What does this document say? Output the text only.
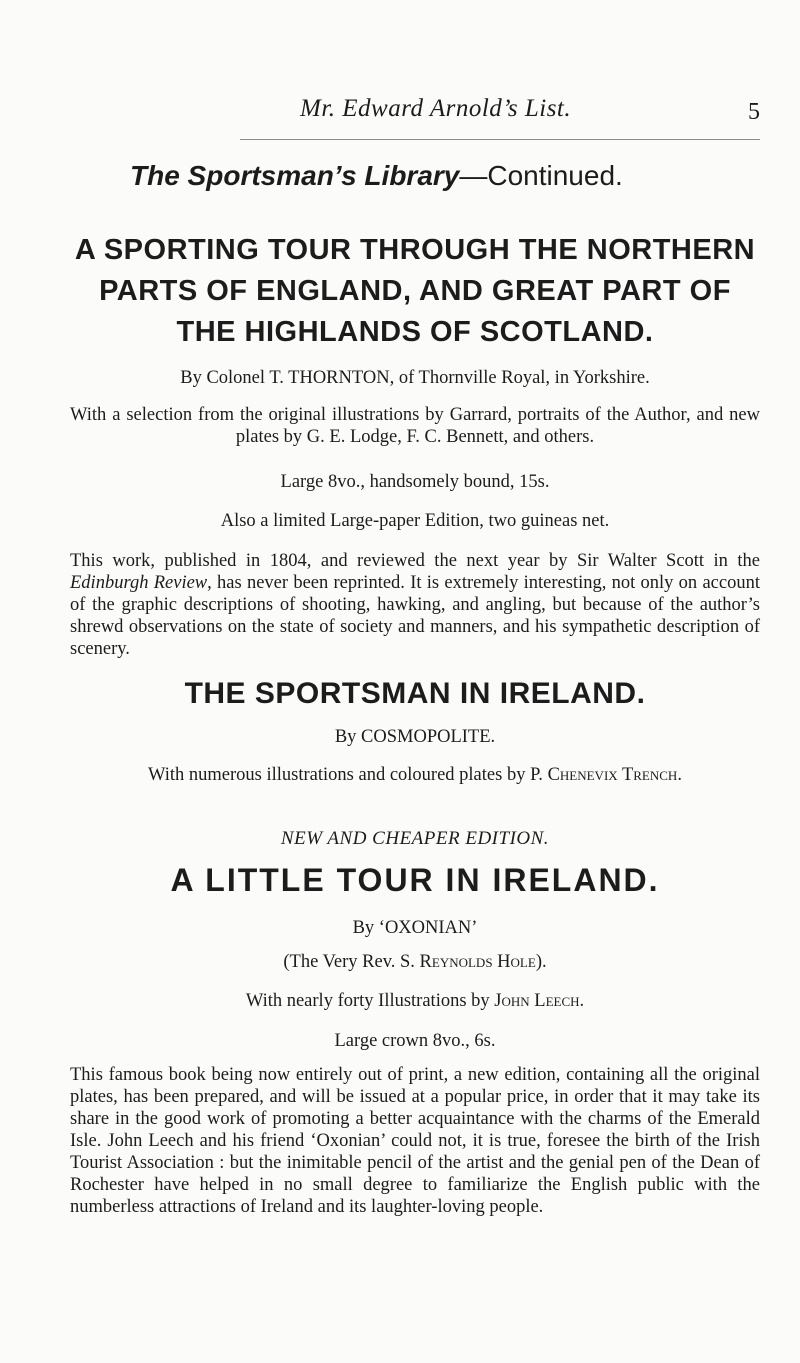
Mr. Edward Arnold’s List.	5
The Sportsman’s Library—Continued.
A SPORTING TOUR THROUGH THE NORTHERN PARTS OF ENGLAND, AND GREAT PART OF THE HIGHLANDS OF SCOTLAND.
By Colonel T. THORNTON, of Thornville Royal, in Yorkshire.
With a selection from the original illustrations by Garrard, portraits of the Author, and new plates by G. E. Lodge, F. C. Bennett, and others.
Large 8vo., handsomely bound, 15s.
Also a limited Large-paper Edition, two guineas net.
This work, published in 1804, and reviewed the next year by Sir Walter Scott in the Edinburgh Review, has never been reprinted. It is extremely interesting, not only on account of the graphic descriptions of shooting, hawking, and angling, but because of the author’s shrewd observations on the state of society and manners, and his sympathetic description of scenery.
THE SPORTSMAN IN IRELAND.
By COSMOPOLITE.
With numerous illustrations and coloured plates by P. Chenevix Trench.
NEW AND CHEAPER EDITION.
A LITTLE TOUR IN IRELAND.
By ‘OXONIAN’
(The Very Rev. S. Reynolds Hole).
With nearly forty Illustrations by John Leech.
Large crown 8vo., 6s.
This famous book being now entirely out of print, a new edition, containing all the original plates, has been prepared, and will be issued at a popular price, in order that it may take its share in the good work of promoting a better acquaintance with the charms of the Emerald Isle. John Leech and his friend ‘Oxonian’ could not, it is true, foresee the birth of the Irish Tourist Association : but the inimitable pencil of the artist and the genial pen of the Dean of Rochester have helped in no small degree to familiarize the English public with the numberless attractions of Ireland and its laughter-loving people.
